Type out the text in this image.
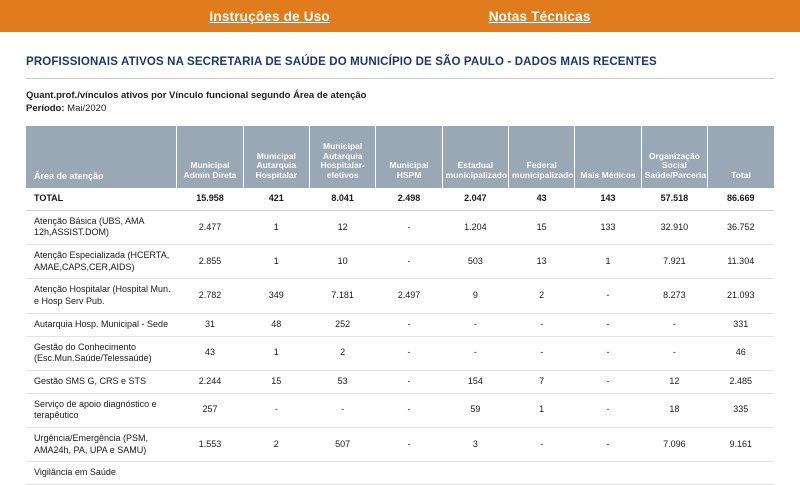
Instruções de Uso	Notas Técnicas
PROFISSIONAIS ATIVOS NA SECRETARIA DE SAÚDE DO MUNICÍPIO DE SÃO PAULO - DADOS MAIS RECENTES
Quant.prof./vínculos ativos por Vínculo funcional segundo Área de atenção
Período: Mai/2020
Área de atenção	Municipal Admin Direta	Municipal Autarquia Hospitalar	Municipal Autarquia Hospitalar-efetivos	Municipal HSPM	Estadual municipalizado	Federal municipalizado	Mais Médicos	Organização Social Saúde/Parceria	Total
TOTAL	15.958	421	8.041	2.498	2.047	43	143	57.518	86.669
Atenção Básica (UBS, AMA 12h,ASSIST.DOM)	2.477	1	12	-	1.204	15	133	32.910	36.752
Atenção Especializada (HCERTA, AMAE,CAPS,CER,AIDS)	2.855	1	10	-	503	13	1	7.921	11.304
Atenção Hospitalar (Hospital Mun. e Hosp Serv Pub.	2.782	349	7.181	2.497	9	2	-	8.273	21.093
Autarquia Hosp. Municipal - Sede	31	48	252	-	-	-	-	-	331
Gestão do Conhecimento (Esc.Mun.Saúde/Telessaúde)	43	1	2	-	-	-	-	-	46
Gestão SMS G, CRS e STS	2.244	15	53	-	154	7	-	12	2.485
Serviço de apoio diagnóstico e terapêutico	257	-	-	-	59	1	-	18	335
Urgência/Emergência (PSM, AMA24h, PA, UPA e SAMU)	1.553	2	507	-	3	-	-	7.096	9.161
Vigilância em Saúde									
